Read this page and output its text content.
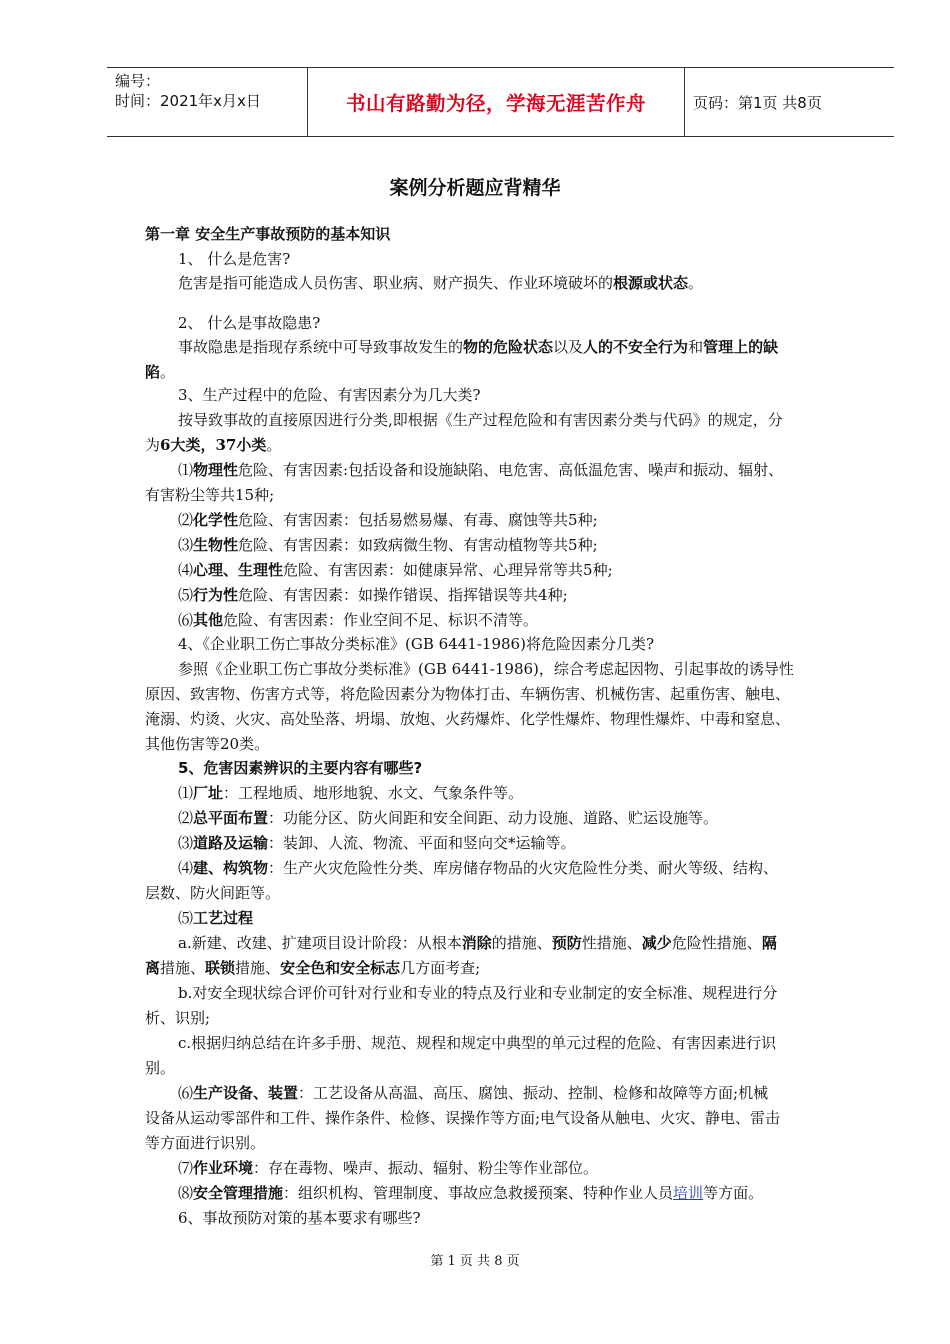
编号：
时间：2021年x月x日	书山有路勤为径，学海无涯苦作舟	页码：第1页 共8页
案例分析题应背精华
第一章 安全生产事故预防的基本知识
1、 什么是危害?
危害是指可能造成人员伤害、职业病、财产损失、作业环境破坏的根源或状态。
2、 什么是事故隐患?
事故隐患是指现存系统中可导致事故发生的物的危险状态以及人的不安全行为和管理上的缺
陷。
3、生产过程中的危险、有害因素分为几大类?
按导致事故的直接原因进行分类,即根据《生产过程危险和有害因素分类与代码》的规定，分
为6大类，37小类。
⑴物理性危险、有害因素:包括设备和设施缺陷、电危害、高低温危害、噪声和振动、辐射、
有害粉尘等共15种;
⑵化学性危险、有害因素：包括易燃易爆、有毒、腐蚀等共5种;
⑶生物性危险、有害因素：如致病微生物、有害动植物等共5种;
⑷心理、生理性危险、有害因素：如健康异常、心理异常等共5种;
⑸行为性危险、有害因素：如操作错误、指挥错误等共4种;
⑹其他危险、有害因素：作业空间不足、标识不清等。
4、《企业职工伤亡事故分类标准》(GB 6441-1986)将危险因素分几类?
参照《企业职工伤亡事故分类标准》(GB 6441-1986)，综合考虑起因物、引起事故的诱导性
原因、致害物、伤害方式等，将危险因素分为物体打击、车辆伤害、机械伤害、起重伤害、触电、
淹溺、灼烫、火灾、高处坠落、坍塌、放炮、火药爆炸、化学性爆炸、物理性爆炸、中毒和窒息、
其他伤害等20类。
5、危害因素辨识的主要内容有哪些?
⑴厂址：工程地质、地形地貌、水文、气象条件等。
⑵总平面布置：功能分区、防火间距和安全间距、动力设施、道路、贮运设施等。
⑶道路及运输：装卸、人流、物流、平面和竖向交*运输等。
⑷建、构筑物：生产火灾危险性分类、库房储存物品的火灾危险性分类、耐火等级、结构、
层数、防火间距等。
⑸工艺过程
a.新建、改建、扩建项目设计阶段：从根本消除的措施、预防性措施、减少危险性措施、隔
离措施、联锁措施、安全色和安全标志几方面考查;
b.对安全现状综合评价可针对行业和专业的特点及行业和专业制定的安全标准、规程进行分
析、识别;
c.根据归纳总结在许多手册、规范、规程和规定中典型的单元过程的危险、有害因素进行识
别。
⑹生产设备、装置：工艺设备从高温、高压、腐蚀、振动、控制、检修和故障等方面;机械
设备从运动零部件和工件、操作条件、检修、误操作等方面;电气设备从触电、火灾、静电、雷击
等方面进行识别。
⑺作业环境：存在毒物、噪声、振动、辐射、粉尘等作业部位。
⑻安全管理措施：组织机构、管理制度、事故应急救援预案、特种作业人员培训等方面。
6、事故预防对策的基本要求有哪些?
第 1 页 共 8 页
